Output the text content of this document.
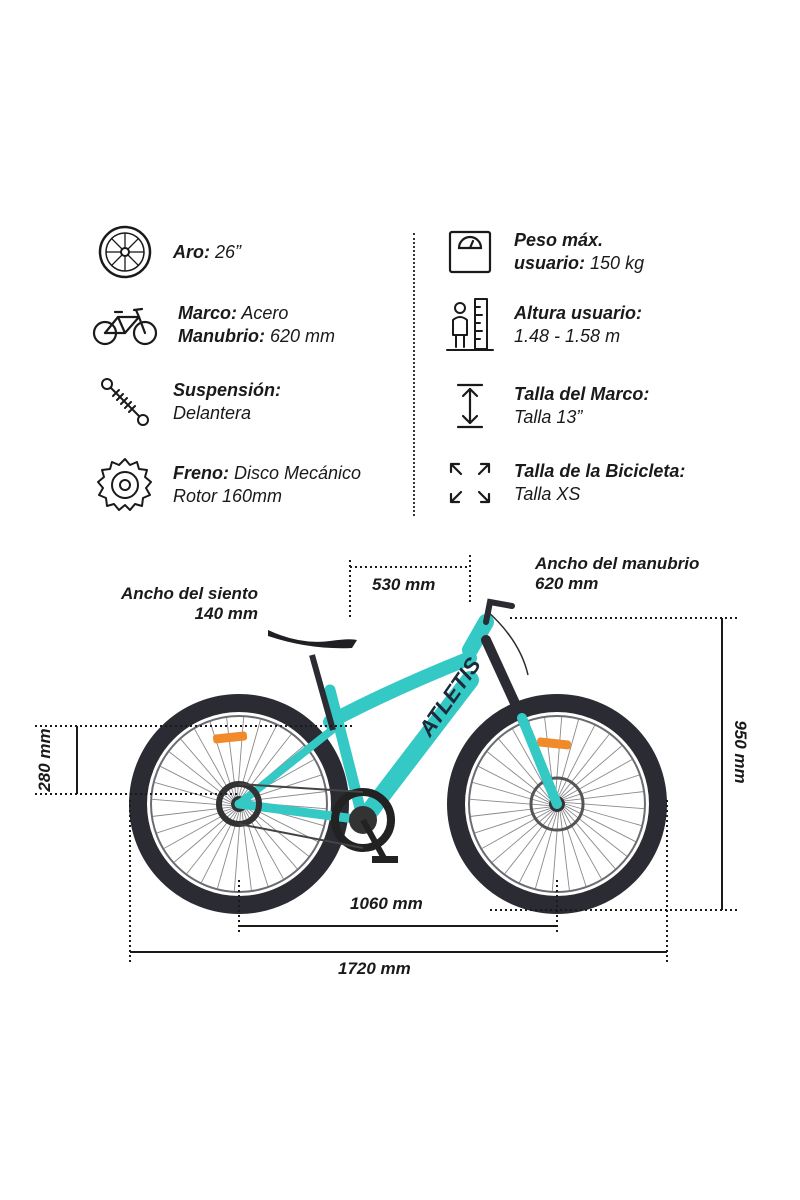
Aro: 26”
Marco: Acero
Manubrio: 620 mm
Suspensión:
Delantera
Freno: Disco Mecánico
Rotor 160mm
Peso máx.
usuario: 150 kg
Altura usuario:
1.48 - 1.58 m
Talla del Marco:
Talla 13”
Talla de la Bicicleta:
Talla XS
ATLETIS
Ancho del siento
140 mm
530 mm
Ancho del manubrio
620 mm
280 mm	950 mm
1060 mm
1720 mm
